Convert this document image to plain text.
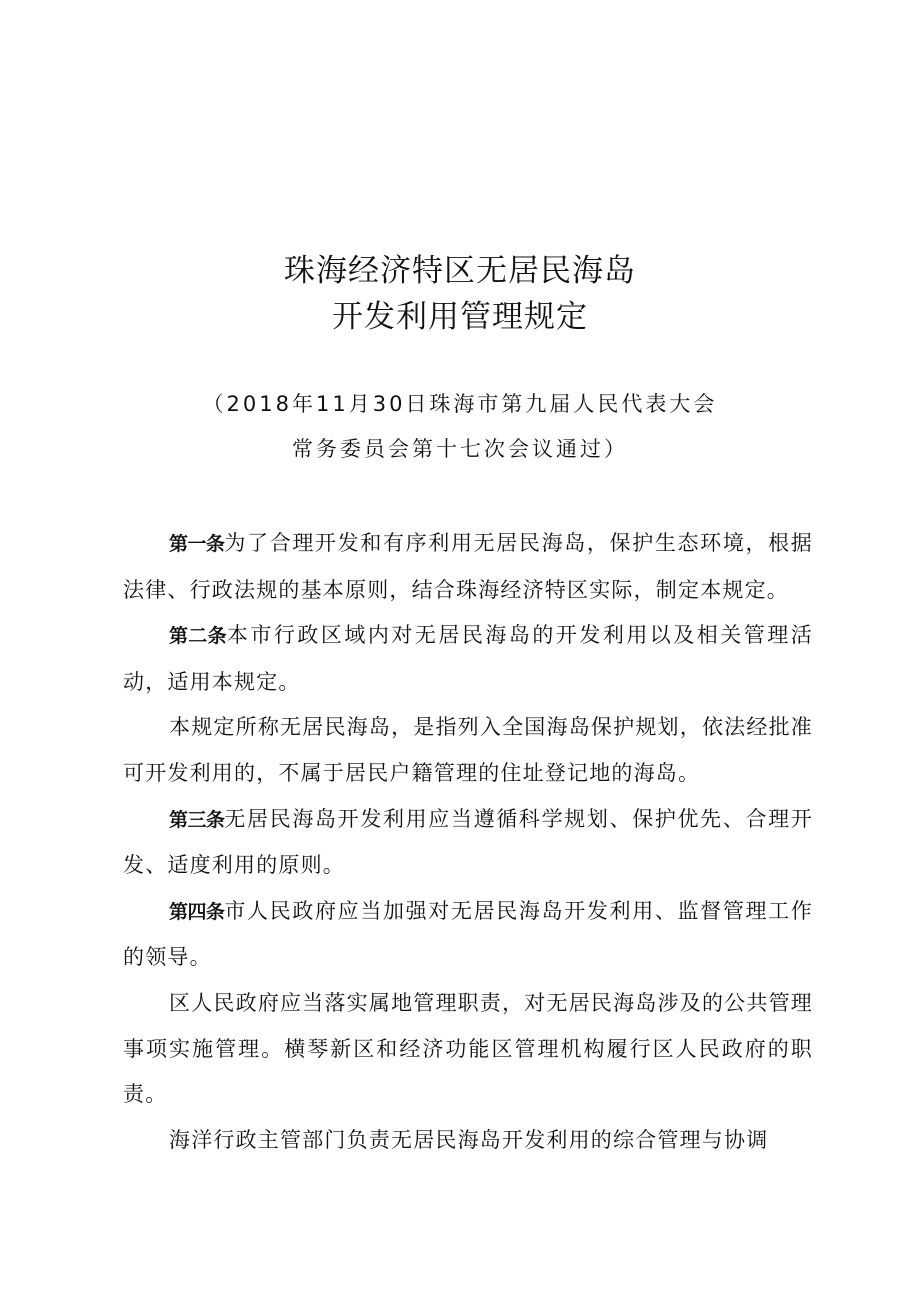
珠海经济特区无居民海岛
开发利用管理规定
（2018年11月30日珠海市第九届人民代表大会
常务委员会第十七次会议通过）

第一条为了合理开发和有序利用无居民海岛，保护生态环境，根据法律、行政法规的基本原则，结合珠海经济特区实际，制定本规定。

第二条本市行政区域内对无居民海岛的开发利用以及相关管理活动，适用本规定。

本规定所称无居民海岛，是指列入全国海岛保护规划，依法经批准可开发利用的，不属于居民户籍管理的住址登记地的海岛。

第三条无居民海岛开发利用应当遵循科学规划、保护优先、合理开发、适度利用的原则。

第四条市人民政府应当加强对无居民海岛开发利用、监督管理工作的领导。

区人民政府应当落实属地管理职责，对无居民海岛涉及的公共管理事项实施管理。横琴新区和经济功能区管理机构履行区人民政府的职责。

海洋行政主管部门负责无居民海岛开发利用的综合管理与协调
